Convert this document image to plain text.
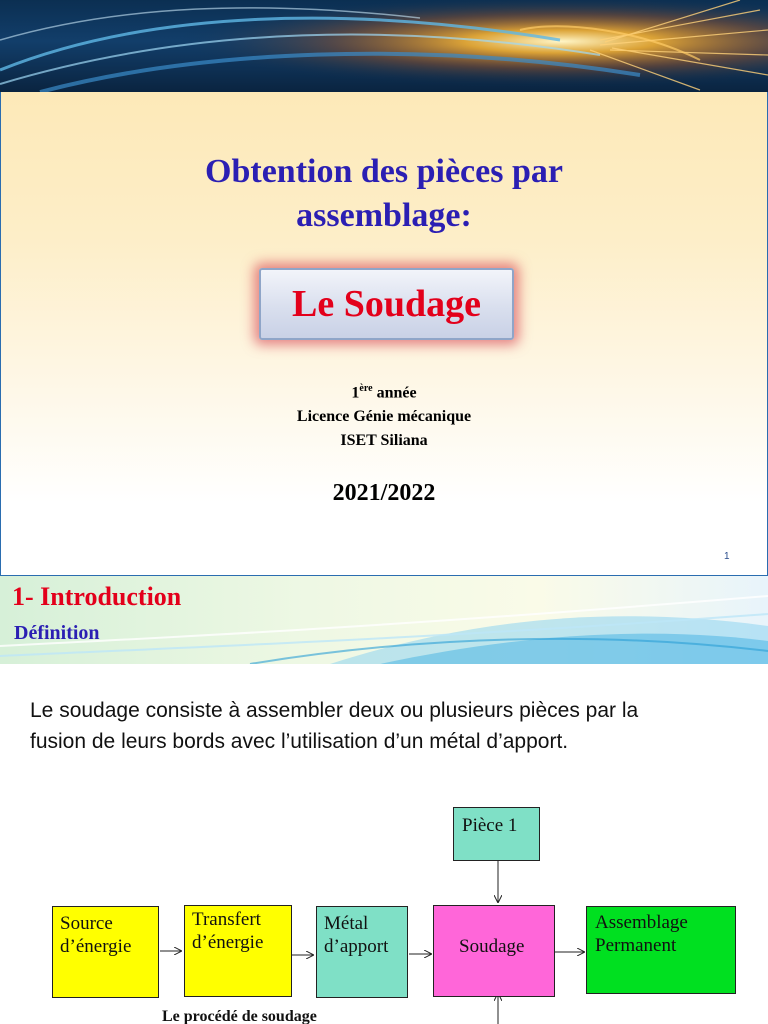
Obtention des pièces par
assemblage:
Le Soudage
1ère année
Licence Génie mécanique
ISET Siliana
2021/2022
1
1- Introduction
Définition

Le soudage consiste à assembler deux ou plusieurs pièces par la fusion de leurs bords avec l’utilisation d’un métal d’apport.

Pièce 1
Source d’énergie
Transfert d’énergie
Métal d’apport	Soudage
Assemblage Permanent
Le procédé de soudage
